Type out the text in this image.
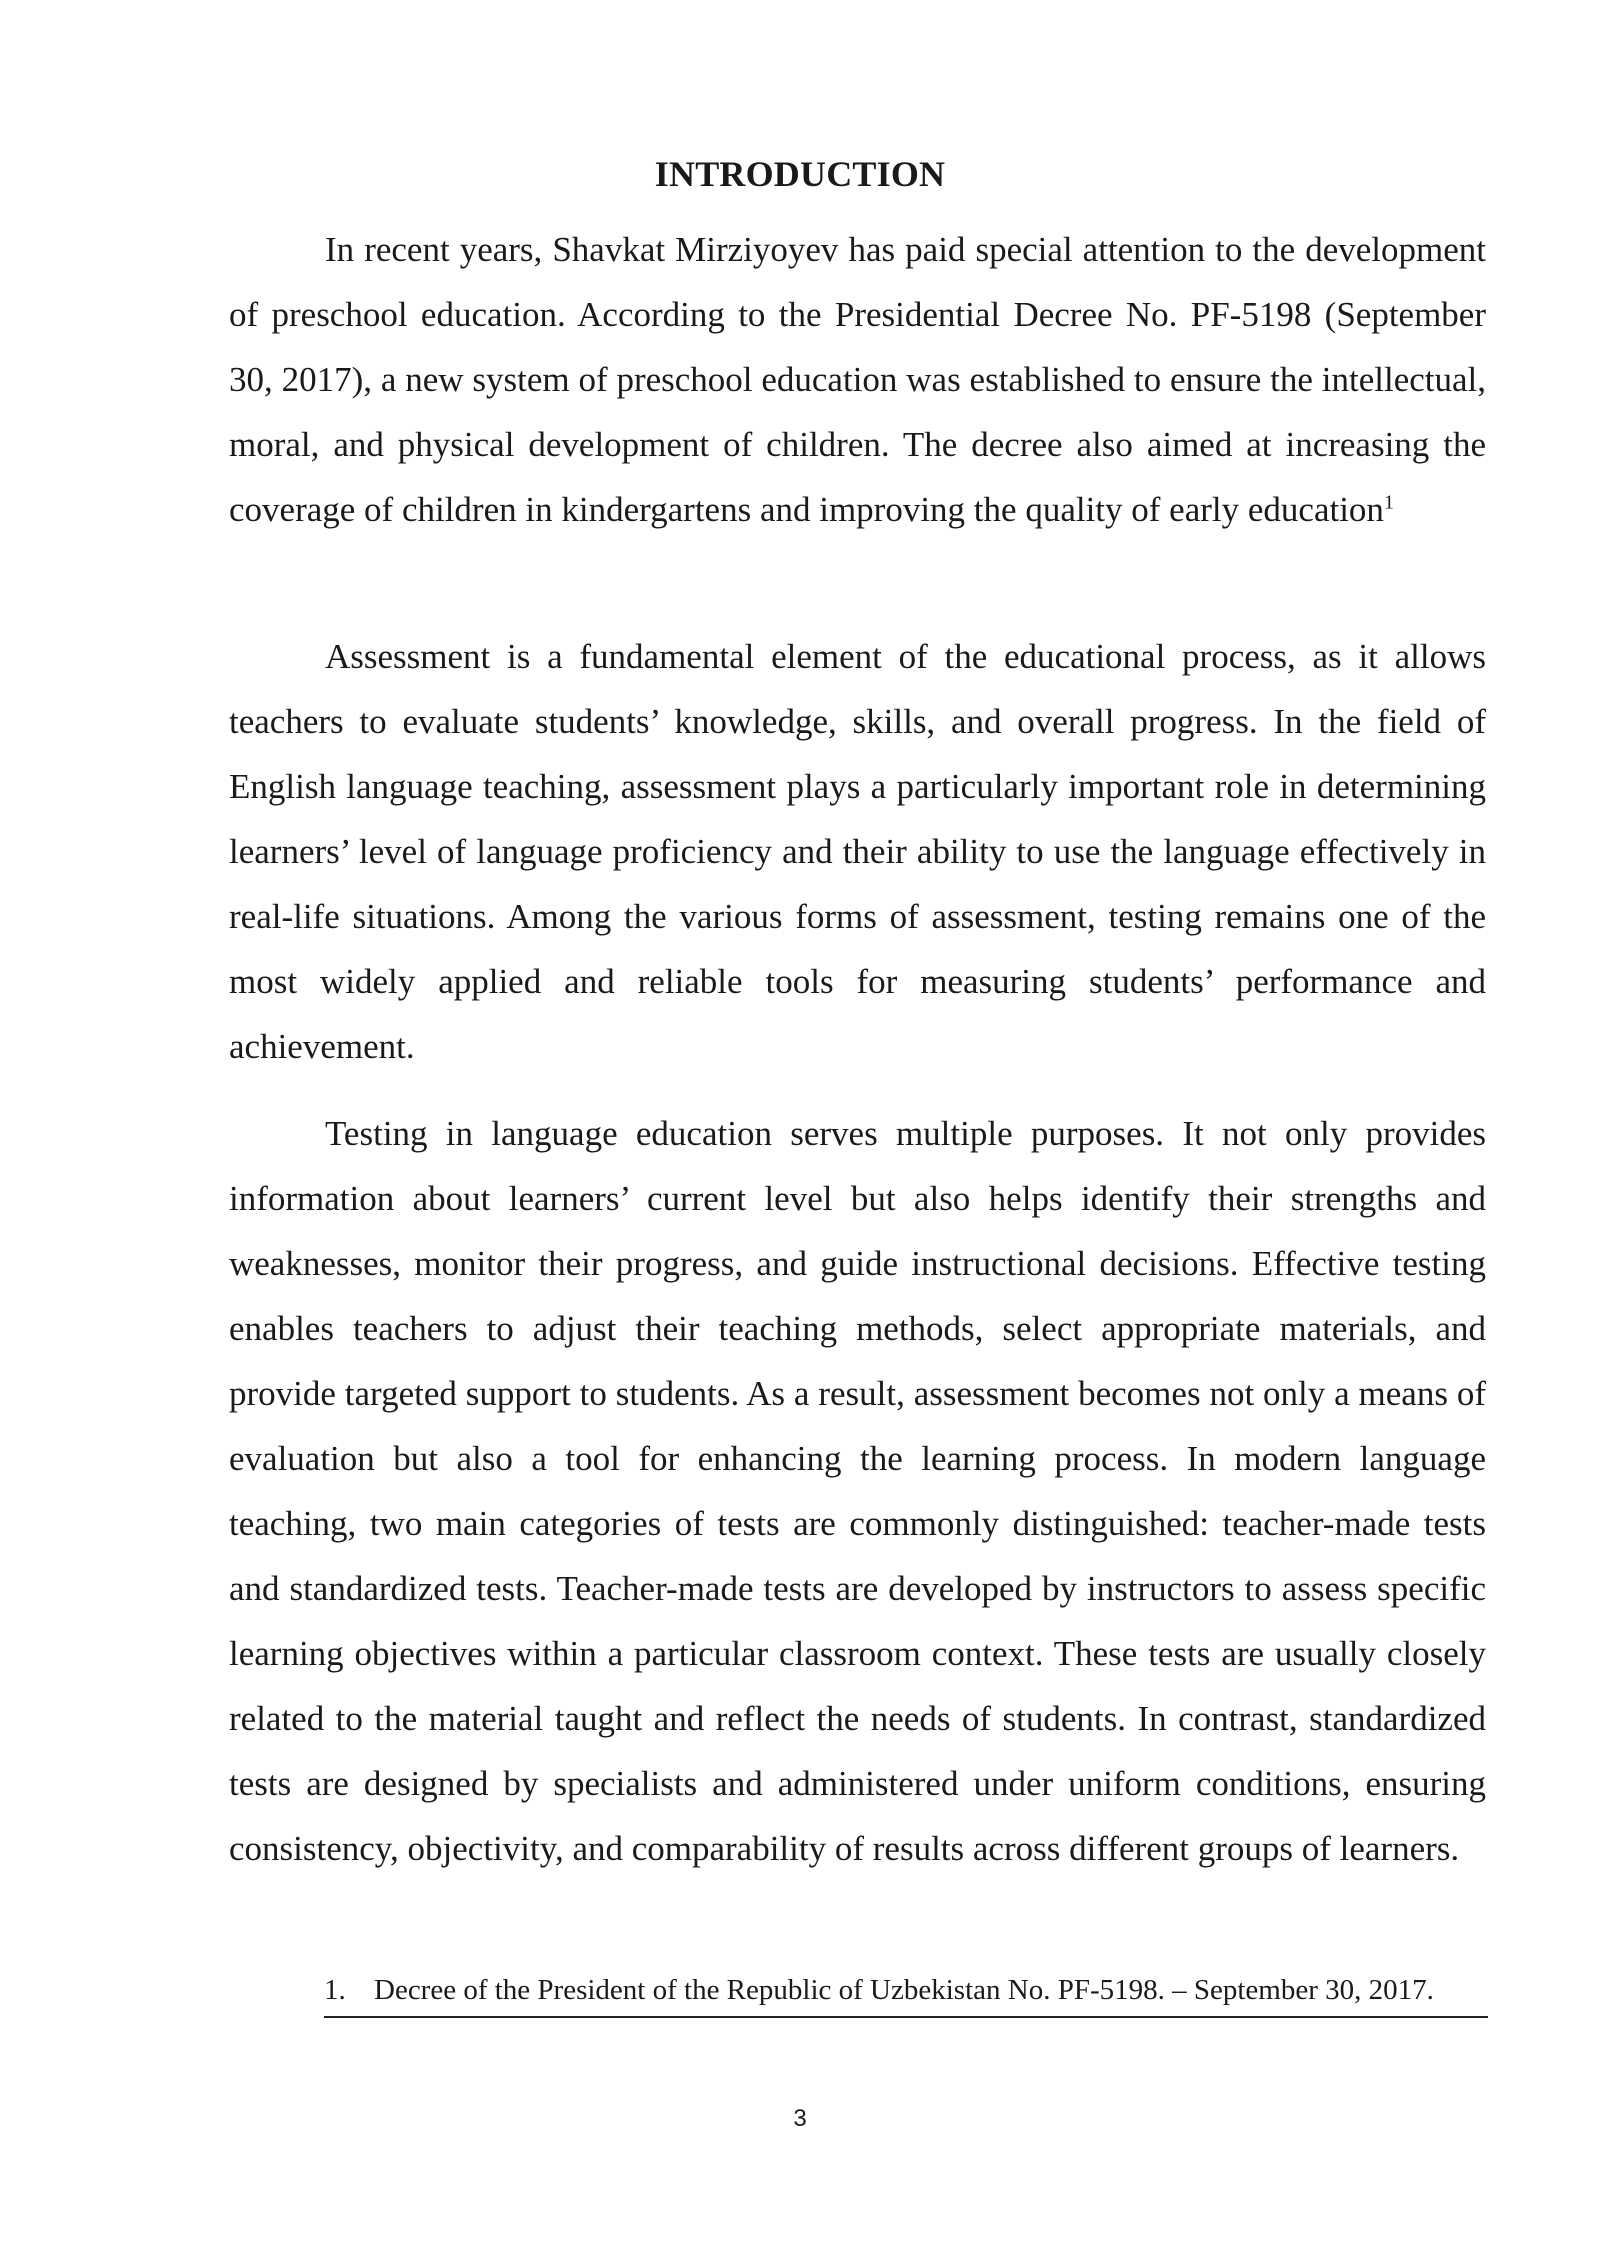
INTRODUCTION

In recent years, Shavkat Mirziyoyev has paid special attention to the development of preschool education. According to the Presidential Decree No. PF-5198 (September 30, 2017), a new system of preschool education was established to ensure the intellectual, moral, and physical development of children. The decree also aimed at increasing the coverage of children in kindergartens and improving the quality of early education$^1$

Assessment is a fundamental element of the educational process, as it allows teachers to evaluate students’ knowledge, skills, and overall progress. In the field of English language teaching, assessment plays a particularly important role in determining learners’ level of language proficiency and their ability to use the language effectively in real-life situations. Among the various forms of assessment, testing remains one of the most widely applied and reliable tools for measuring students’ performance and achievement.

Testing in language education serves multiple purposes. It not only provides information about learners’ current level but also helps identify their strengths and weaknesses, monitor their progress, and guide instructional decisions. Effective testing enables teachers to adjust their teaching methods, select appropriate materials, and provide targeted support to students. As a result, assessment becomes not only a means of evaluation but also a tool for enhancing the learning process. In modern language teaching, two main categories of tests are commonly distinguished: teacher-made tests and standardized tests. Teacher-made tests are developed by instructors to assess specific learning objectives within a particular classroom context. These tests are usually closely related to the material taught and reflect the needs of students. In contrast, standardized tests are designed by specialists and administered under uniform conditions, ensuring consistency, objectivity, and comparability of results across different groups of learners.

1. Decree of the President of the Republic of Uzbekistan No. PF-5198. – September 30, 2017.

3
